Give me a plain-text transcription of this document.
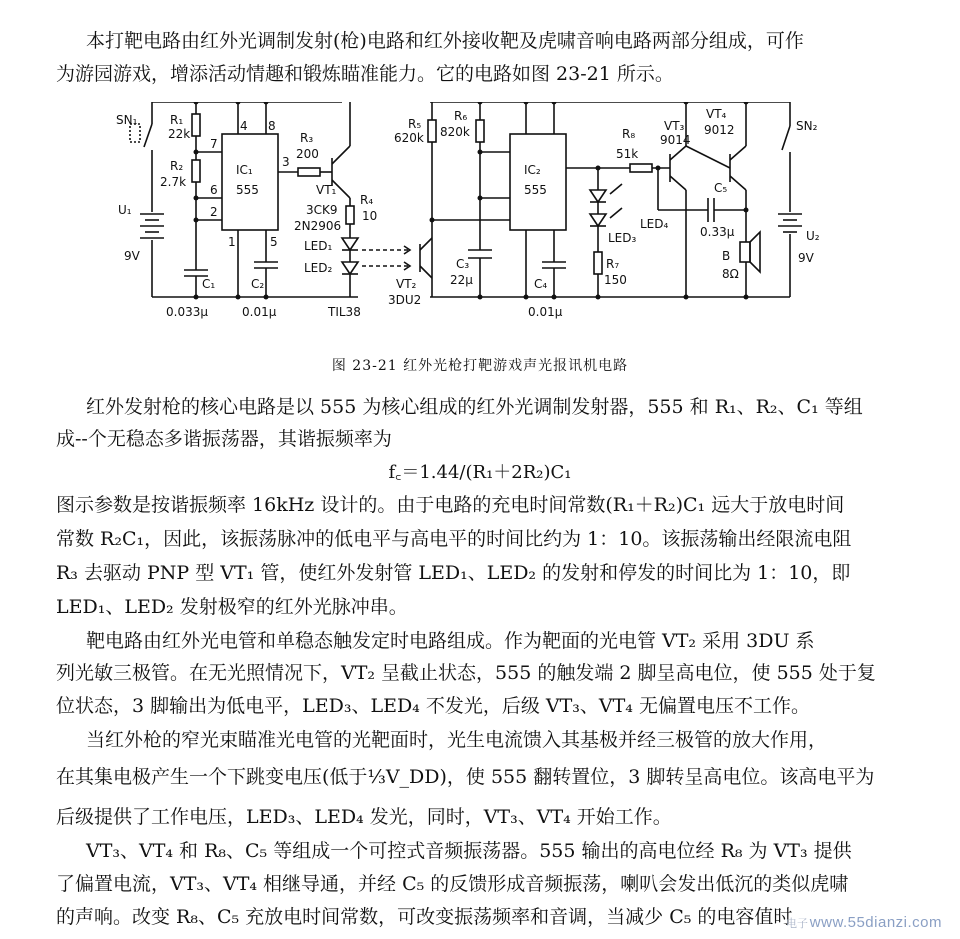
本打靶电路由红外光调制发射(枪)电路和红外接收靶及虎啸音响电路两部分组成，可作
为游园游戏，增添活动情趣和锻炼瞄准能力。它的电路如图 23-21 所示。
SN₁	R₁
22k
R₂
2.7k
U₁
9V
C₁
0.033μ
IC₁
555
C₂
0.01μ
R₃
200
VT₁
3CK9
2N2906
R₄
10
LED₁
LED₂
TIL38
VT₂
3DU2
R₅
620k
R₆
820k
C₃
22μ
IC₂
555
C₄
0.01μ
R₈
51k
LED₄
LED₃
R₇
150
VT₃
9014
VT₄
9012
C₅
0.33μ
B
8Ω
SN₂
U₂
9V
7
6
2
4 8
1	5
3
图 23-21 红外光枪打靶游戏声光报讯机电路
红外发射枪的核心电路是以 555 为核心组成的红外光调制发射器，555 和 R₁、R₂、C₁ 等组
成--个无稳态多谐振荡器，其谐振频率为
f꜀＝1.44/(R₁＋2R₂)C₁
图示参数是按谐振频率 16kHz 设计的。由于电路的充电时间常数(R₁＋R₂)C₁ 远大于放电时间
常数 R₂C₁，因此，该振荡脉冲的低电平与高电平的时间比约为 1：10。该振荡输出经限流电阻
R₃ 去驱动 PNP 型 VT₁ 管，使红外发射管 LED₁、LED₂ 的发射和停发的时间比为 1：10，即
LED₁、LED₂ 发射极窄的红外光脉冲串。
靶电路由红外光电管和单稳态触发定时电路组成。作为靶面的光电管 VT₂ 采用 3DU 系
列光敏三极管。在无光照情况下，VT₂ 呈截止状态，555 的触发端 2 脚呈高电位，使 555 处于复
位状态，3 脚输出为低电平，LED₃、LED₄ 不发光，后级 VT₃、VT₄ 无偏置电压不工作。
当红外枪的窄光束瞄准光电管的光靶面时，光生电流馈入其基极并经三极管的放大作用，
在其集电极产生一个下跳变电压(低于⅓V_DD)，使 555 翻转置位，3 脚转呈高电位。该高电平为
后级提供了工作电压，LED₃、LED₄ 发光，同时，VT₃、VT₄ 开始工作。
VT₃、VT₄ 和 R₈、C₅ 等组成一个可控式音频振荡器。555 输出的高电位经 R₈ 为 VT₃ 提供
了偏置电流，VT₃、VT₄ 相继导通，并经 C₅ 的反馈形成音频振荡，喇叭会发出低沉的类似虎啸
的声响。改变 R₈、C₅ 充放电时间常数，可改变振荡频率和音调，当减少 C₅ 的电容值时
电子 www.55dianzi.com
